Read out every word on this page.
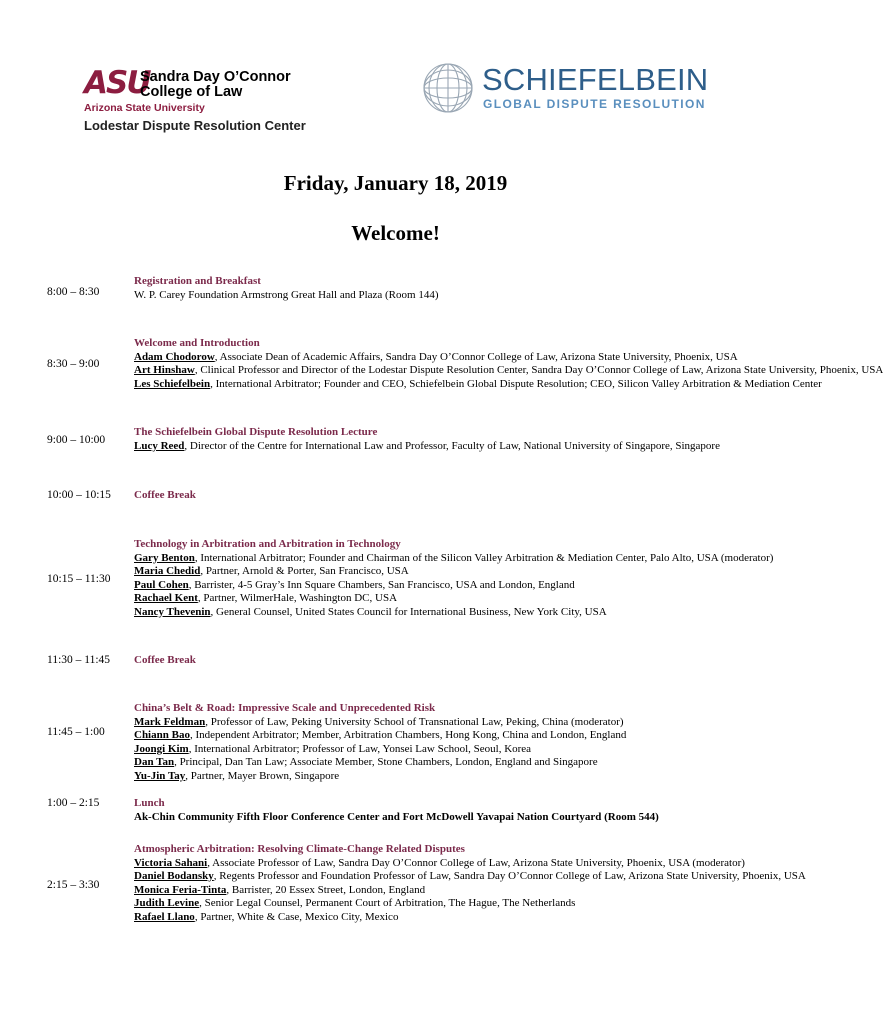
ASU
Sandra Day O’Connor
College of Law
Arizona State University
Lodestar Dispute Resolution Center
SCHIEFELBEIN
GLOBAL DISPUTE RESOLUTION
Friday, January 18, 2019
Welcome!
8:00 – 8:30
Registration and Breakfast
W. P. Carey Foundation Armstrong Great Hall and Plaza (Room 144)
8:30 – 9:00
Welcome and Introduction
Adam Chodorow, Associate Dean of Academic Affairs, Sandra Day O’Connor College of Law, Arizona State University, Phoenix, USA
Art Hinshaw, Clinical Professor and Director of the Lodestar Dispute Resolution Center, Sandra Day O’Connor College of Law, Arizona State University, Phoenix, USA
Les Schiefelbein, International Arbitrator; Founder and CEO, Schiefelbein Global Dispute Resolution; CEO, Silicon Valley Arbitration & Mediation Center
9:00 – 10:00
The Schiefelbein Global Dispute Resolution Lecture
Lucy Reed, Director of the Centre for International Law and Professor, Faculty of Law, National University of Singapore, Singapore
10:00 – 10:15 Coffee Break
10:15 – 11:30
Technology in Arbitration and Arbitration in Technology
Gary Benton, International Arbitrator; Founder and Chairman of the Silicon Valley Arbitration & Mediation Center, Palo Alto, USA (moderator)
Maria Chedid, Partner, Arnold & Porter, San Francisco, USA
Paul Cohen, Barrister, 4-5 Gray’s Inn Square Chambers, San Francisco, USA and London, England
Rachael Kent, Partner, WilmerHale, Washington DC, USA
Nancy Thevenin, General Counsel, United States Council for International Business, New York City, USA
11:30 – 11:45 Coffee Break
11:45 – 1:00
China’s Belt & Road: Impressive Scale and Unprecedented Risk
Mark Feldman, Professor of Law, Peking University School of Transnational Law, Peking, China (moderator)
Chiann Bao, Independent Arbitrator; Member, Arbitration Chambers, Hong Kong, China and London, England
Joongi Kim, International Arbitrator; Professor of Law, Yonsei Law School, Seoul, Korea
Dan Tan, Principal, Dan Tan Law; Associate Member, Stone Chambers, London, England and Singapore
Yu-Jin Tay, Partner, Mayer Brown, Singapore
1:00 – 2:15	Lunch
Ak-Chin Community Fifth Floor Conference Center and Fort McDowell Yavapai Nation Courtyard (Room 544)
2:15 – 3:30
Atmospheric Arbitration: Resolving Climate-Change Related Disputes
Victoria Sahani, Associate Professor of Law, Sandra Day O’Connor College of Law, Arizona State University, Phoenix, USA (moderator)
Daniel Bodansky, Regents Professor and Foundation Professor of Law, Sandra Day O’Connor College of Law, Arizona State University, Phoenix, USA
Monica Feria-Tinta, Barrister, 20 Essex Street, London, England
Judith Levine, Senior Legal Counsel, Permanent Court of Arbitration, The Hague, The Netherlands
Rafael Llano, Partner, White & Case, Mexico City, Mexico
